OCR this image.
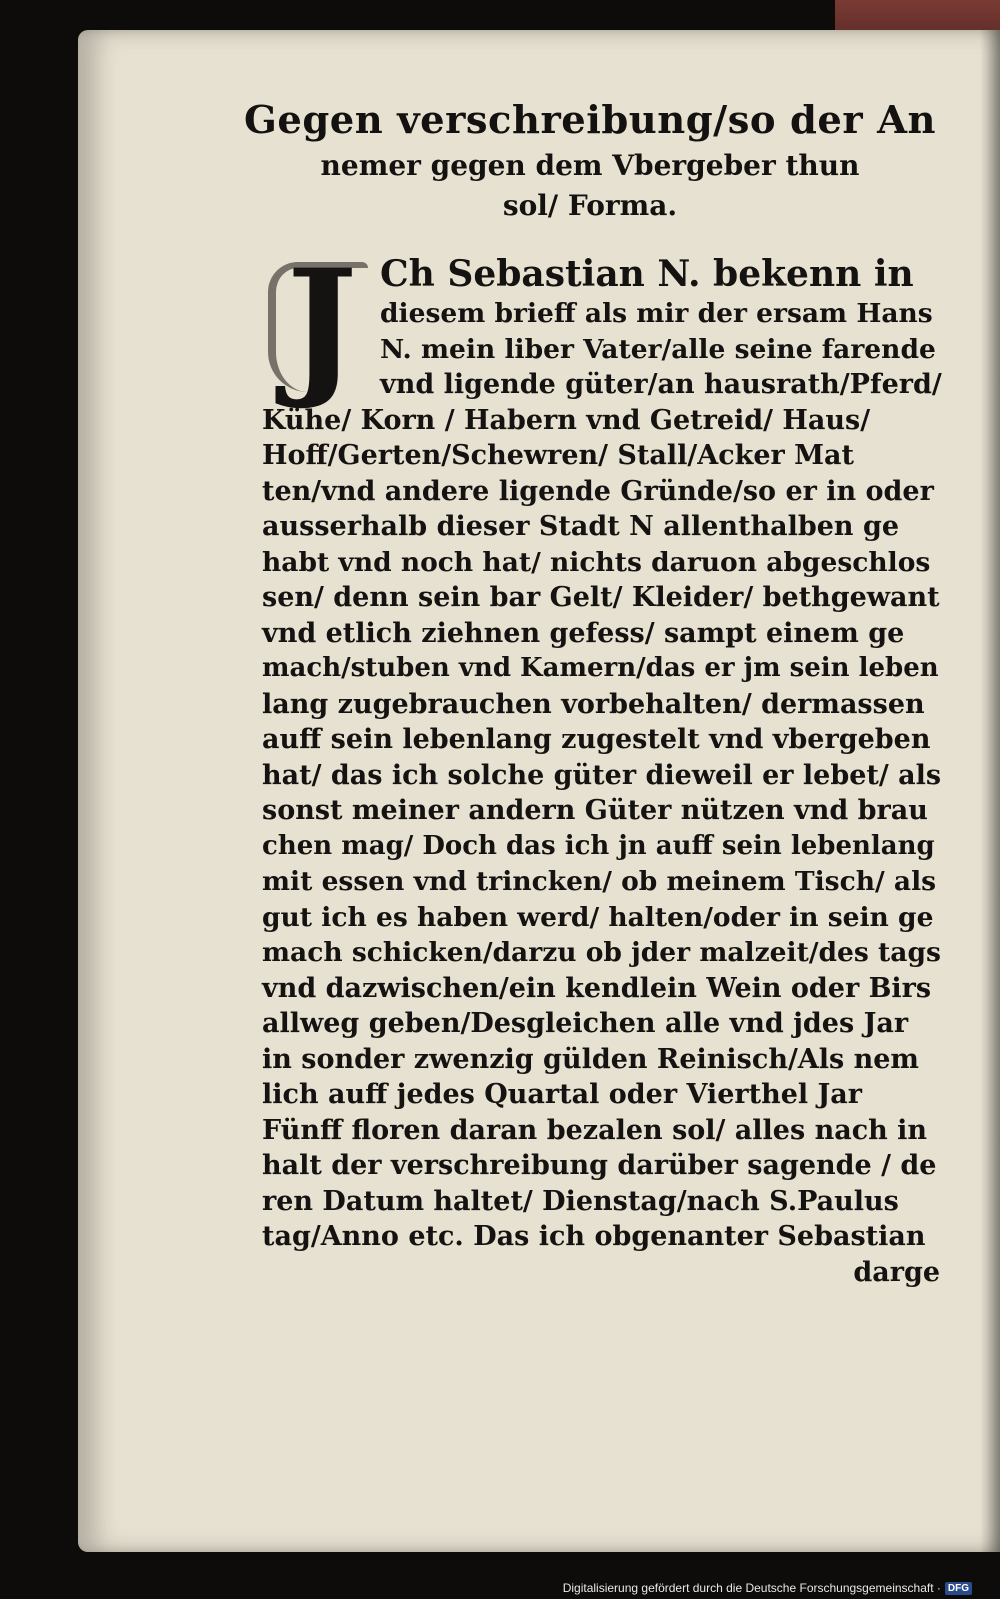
Gegen verschreibung/so der An
nemer gegen dem Vbergeber thun
sol/ Forma.
J Ch Sebastian N. bekenn in
diesem brieff als mir der ersam Hans
N. mein liber Vater/alle seine farende
vnd ligende güter/an hausrath/Pferd/
Kühe/ Korn / Habern vnd Getreid/ Haus/
Hoff/Gerten/Schewren/ Stall/Acker Mat
ten/vnd andere ligende Gründe/so er in oder
ausserhalb dieser Stadt N allenthalben ge
habt vnd noch hat/ nichts daruon abgeschlos
sen/ denn sein bar Gelt/ Kleider/ bethgewant
vnd etlich ziehnen gefess/ sampt einem ge
mach/stuben vnd Kamern/das er jm sein leben
lang zugebrauchen vorbehalten/ dermassen
auff sein lebenlang zugestelt vnd vbergeben
hat/ das ich solche güter dieweil er lebet/ als
sonst meiner andern Güter nützen vnd brau
chen mag/ Doch das ich jn auff sein lebenlang
mit essen vnd trincken/ ob meinem Tisch/ als
gut ich es haben werd/ halten/oder in sein ge
mach schicken/darzu ob jder malzeit/des tags
vnd dazwischen/ein kendlein Wein oder Birs
allweg geben/Desgleichen alle vnd jdes Jar
in sonder zwenzig gülden Reinisch/Als nem
lich auff jedes Quartal oder Vierthel Jar
Fünff floren daran bezalen sol/ alles nach in
halt der verschreibung darüber sagende / de
ren Datum haltet/ Dienstag/nach S.Paulus
tag/Anno etc. Das ich obgenanter Sebastian
darge
Digitalisierung gefördert durch die Deutsche Forschungsgemeinschaft · DFG
